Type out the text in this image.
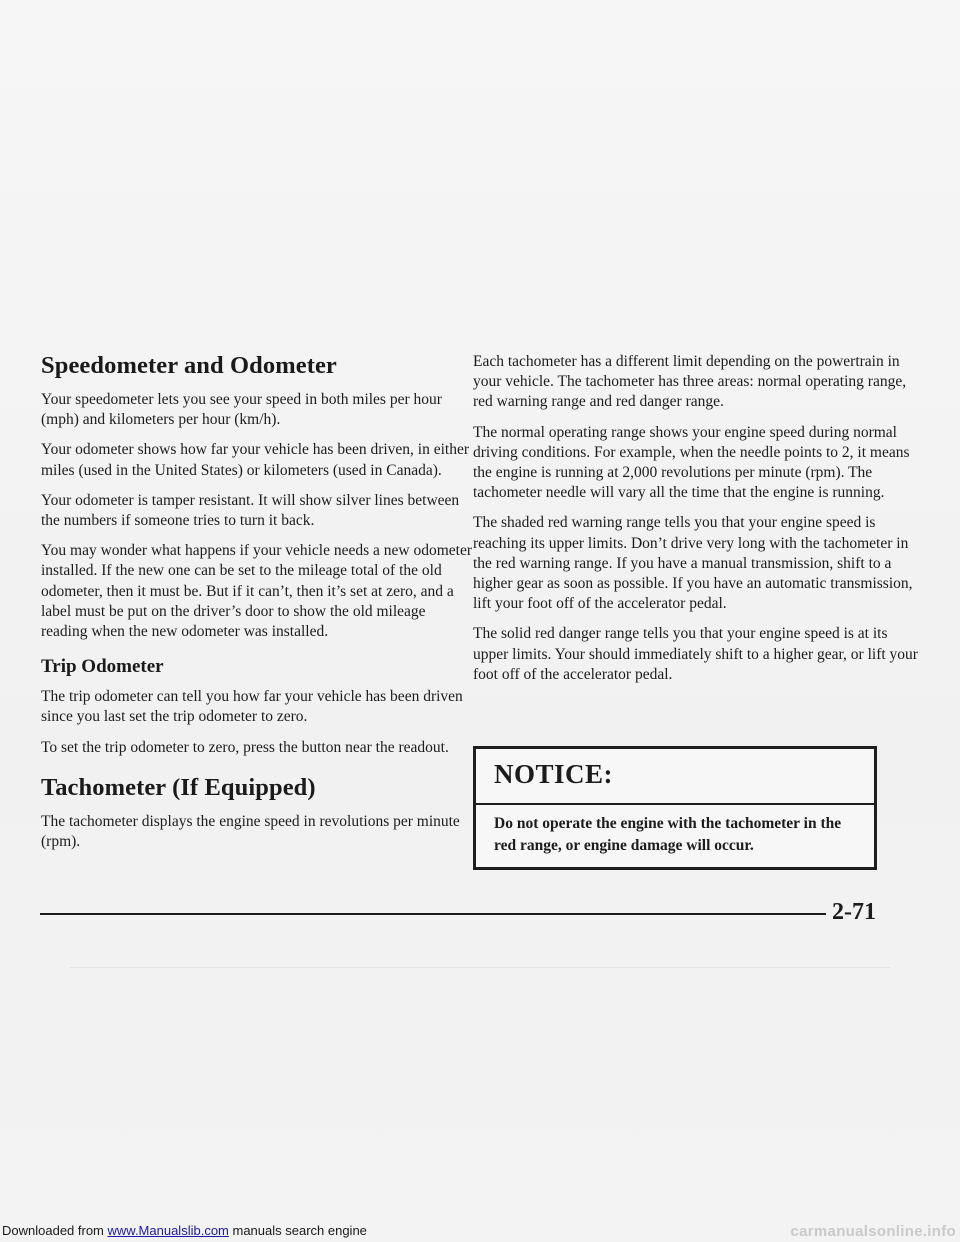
Speedometer and Odometer

Your speedometer lets you see your speed in both miles per hour (mph) and kilometers per hour (km/h).

Your odometer shows how far your vehicle has been driven, in either miles (used in the United States) or kilometers (used in Canada).

Your odometer is tamper resistant. It will show silver lines between the numbers if someone tries to turn it back.

You may wonder what happens if your vehicle needs a new odometer installed. If the new one can be set to the mileage total of the old odometer, then it must be. But if it can’t, then it’s set at zero, and a label must be put on the driver’s door to show the old mileage reading when the new odometer was installed.

Trip Odometer

The trip odometer can tell you how far your vehicle has been driven since you last set the trip odometer to zero.

To set the trip odometer to zero, press the button near the readout.

Tachometer (If Equipped)

The tachometer displays the engine speed in revolutions per minute (rpm).

Each tachometer has a different limit depending on the powertrain in your vehicle. The tachometer has three areas: normal operating range, red warning range and red danger range.

The normal operating range shows your engine speed during normal driving conditions. For example, when the needle points to 2, it means the engine is running at 2,000 revolutions per minute (rpm). The tachometer needle will vary all the time that the engine is running.

The shaded red warning range tells you that your engine speed is reaching its upper limits. Don’t drive very long with the tachometer in the red warning range. If you have a manual transmission, shift to a higher gear as soon as possible. If you have an automatic transmission, lift your foot off of the accelerator pedal.

The solid red danger range tells you that your engine speed is at its upper limits. Your should immediately shift to a higher gear, or lift your foot off of the accelerator pedal.

NOTICE:
Do not operate the engine with the tachometer in the red range, or engine damage will occur.
2-71
Downloaded from www.Manualslib.com manuals search engine	carmanualsonline.info
